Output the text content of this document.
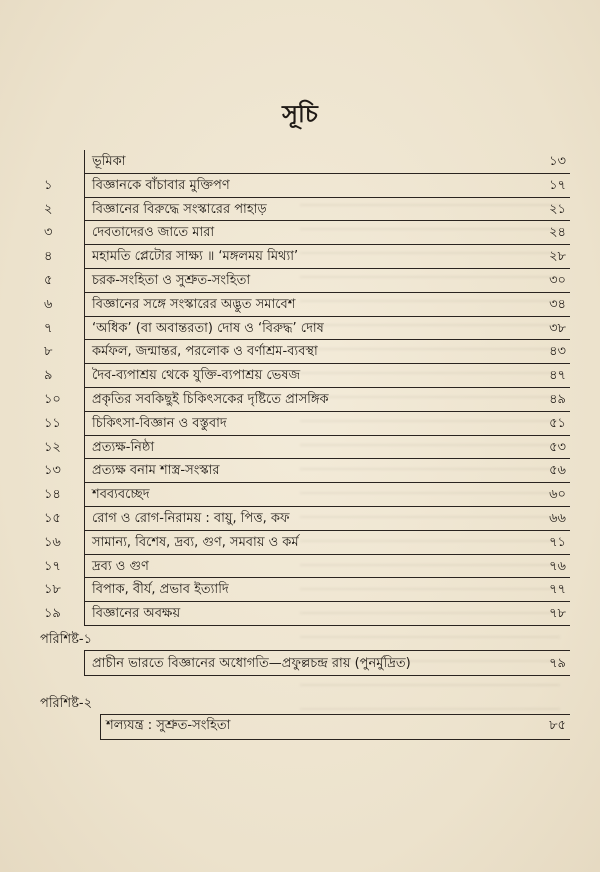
সূচি
ভূমিকা	১৩
১	বিজ্ঞানকে বাঁচাবার মুক্তিপণ	১৭
২	বিজ্ঞানের বিরুদ্ধে সংস্কারের পাহাড়	২১
৩	দেবতাদেরও জাতে মারা	২৪
৪	মহামতি প্লেটোর সাক্ষ্য ॥ ‘মঙ্গলময় মিথ্যা’	২৮
৫	চরক-সংহিতা ও সুশ্রুত-সংহিতা	৩০
৬	বিজ্ঞানের সঙ্গে সংস্কারের অদ্ভুত সমাবেশ	৩৪
৭	‘অধিক’ (বা অবান্তরতা) দোষ ও ‘বিরুদ্ধ’ দোষ	৩৮
৮	কর্মফল, জন্মান্তর, পরলোক ও বর্ণাশ্রম-ব্যবস্থা	৪৩
৯	দৈব-ব্যপাশ্রয় থেকে যুক্তি-ব্যপাশ্রয় ভেষজ	৪৭
১০	প্রকৃতির সবকিছুই চিকিৎসকের দৃষ্টিতে প্রাসঙ্গিক	৪৯
১১	চিকিৎসা-বিজ্ঞান ও বস্তুবাদ	৫১
১২	প্রত্যক্ষ-নিষ্ঠা	৫৩
১৩	প্রত্যক্ষ বনাম শাস্ত্র-সংস্কার	৫৬
১৪	শবব্যবচ্ছেদ	৬০
১৫	রোগ ও রোগ-নিরাময় : বায়ু, পিত্ত, কফ	৬৬
১৬	সামান্য, বিশেষ, দ্রব্য, গুণ, সমবায় ও কর্ম	৭১
১৭	দ্রব্য ও গুণ	৭৬
১৮	বিপাক, বীর্য, প্রভাব ইত্যাদি	৭৭
১৯	বিজ্ঞানের অবক্ষয়	৭৮
পরিশিষ্ট-১
প্রাচীন ভারতে বিজ্ঞানের অধোগতি—প্রফুল্লচন্দ্র রায় (পুনর্মুদ্রিত)	৭৯
পরিশিষ্ট-২
শল্যযন্ত্র : সুশ্রুত-সংহিতা	৮৫
